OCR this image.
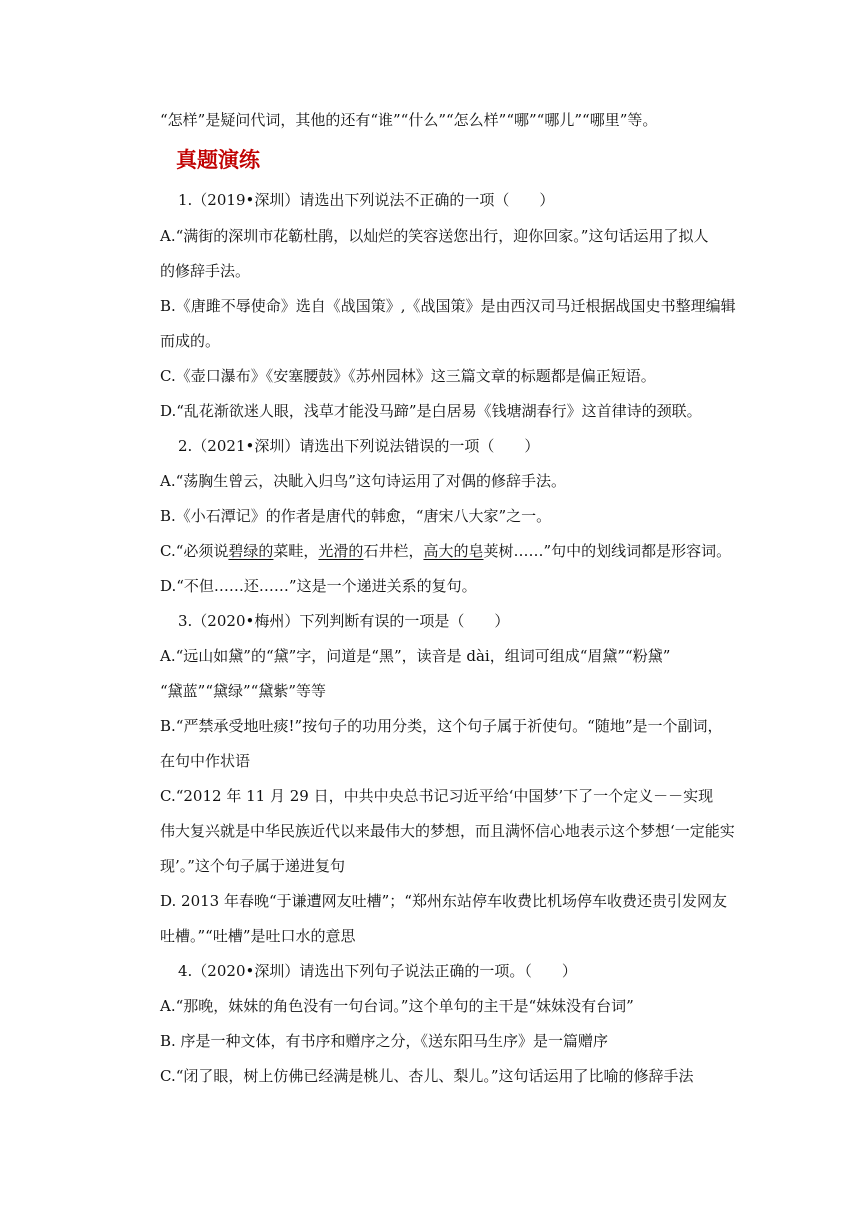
“怎样”是疑问代词，其他的还有“谁”“什么”“怎么样”“哪”“哪儿”“哪里”等。
真题演练
1.（2019•深圳）请选出下列说法不正确的一项（　　）
A.“满街的深圳市花簕杜鹃，以灿烂的笑容送您出行，迎你回家。”这句话运用了拟人
的修辞手法。
B.《唐雎不辱使命》选自《战国策》,《战国策》是由西汉司马迁根据战国史书整理编辑
而成的。
C.《壶口瀑布》《安塞腰鼓》《苏州园林》这三篇文章的标题都是偏正短语。
D.“乱花渐欲迷人眼，浅草才能没马蹄”是白居易《钱塘湖春行》这首律诗的颈联。
2.（2021•深圳）请选出下列说法错误的一项（　　）
A.“荡胸生曾云，决眦入归鸟”这句诗运用了对偶的修辞手法。
B.《小石潭记》的作者是唐代的韩愈，“唐宋八大家”之一。
C.“必须说碧绿的菜畦，光滑的石井栏，高大的皂荚树……”句中的划线词都是形容词。
D.“不但……还……”这是一个递进关系的复句。
3.（2020•梅州）下列判断有误的一项是（　　）
A.“远山如黛”的“黛”字，问道是“黑”，读音是 dài，组词可组成“眉黛”“粉黛”
“黛蓝”“黛绿”“黛紫”等等
B.“严禁承受地吐痰!”按句子的功用分类，这个句子属于祈使句。“随地”是一个副词，
在句中作状语
C.“2012 年 11 月 29 日，中共中央总书记习近平给‘中国梦’下了一个定义－－实现
伟大复兴就是中华民族近代以来最伟大的梦想，而且满怀信心地表示这个梦想‘一定能实
现’。”这个句子属于递进复句
D. 2013 年春晚“于谦遭网友吐槽”；“郑州东站停车收费比机场停车收费还贵引发网友
吐槽。”“吐槽”是吐口水的意思
4.（2020•深圳）请选出下列句子说法正确的一项。（　　）
A.“那晚，妹妹的角色没有一句台词。”这个单句的主干是“妹妹没有台词”
B. 序是一种文体，有书序和赠序之分，《送东阳马生序》是一篇赠序
C.“闭了眼，树上仿佛已经满是桃儿、杏儿、梨儿。”这句话运用了比喻的修辞手法
